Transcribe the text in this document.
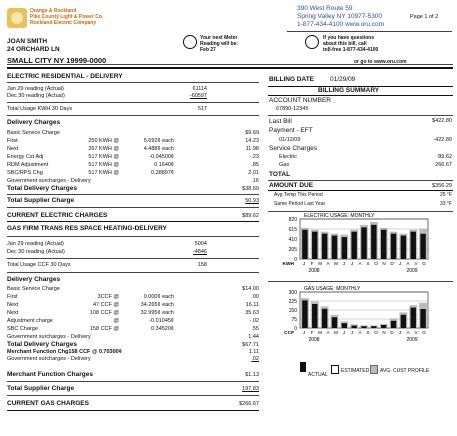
Orange & Rockland
Pike County Light & Power Co.
Rockland Electric Company
390 West Route 59
Spring Valley NY 10977-5300
1-877-434-4100 www.oru.com
Page 1 of 2
JOAN SMITH
24 ORCHARD LN
SMALL CITY NY 19999-0000
Your next Meter
Reading will be:
Feb 27
If you have questions
about this bill, call
toll-free 1-877-434-4100
or go to www.oru.com
ELECTRIC RESIDENTIAL - DELIVERY
Jan 29 reading (Actual)	61114
Dec 30 reading (Actual)	-60597
Total Usage KWH 30 Days	517
Delivery Charges
Basic Service Charge	$9.69
First	250 KWH @	5.692¢ each	14.23
Next	267 KWH @	4.488¢ each	11.98
Energy Cst Adj	517 KWH @	-0.04500¢	-.23
RDM Adjustment	517 KWH @	0.1640¢	.85
SBC/RPS Chg	517 KWH @	0.38897¢	2.01
Government surcharges - Delivery	.16
Total Delivery Charges	$38.69
Total Supplier Charge	50.93
CURRENT ELECTRIC CHARGES	$89.62
GAS FIRM TRANS RES SPACE HEATING-DELIVERY
Jan 29 reading (Actual)	5004
Dec 30 reading (Actual)	-4846
Total Usage CCF 30 Days	158
Delivery Charges
Basic Service Charge	$14.00
First	3CCF @	0.000¢ each	.00
Next	47 CCF @	34.265¢ each	16.11
Next	108 CCF @	32.995¢ each	35.63
Adjustment charge	@	-0.01045¢	-.02
SBC Charge	158 CCF @	0.34520¢	.55
Government surcharges - Delivery	1.44
Total Delivery Charges	$67.71
Merchant Function Chg158 CCF @ 0.70300¢	1.11
Government surcharges - Delivery	.02
Merchant Function Charges	$1.13
Total Supplier Charge	197.83
CURRENT GAS CHARGES	$266.67
BILLING DATE 01/29/09
BILLING SUMMARY
ACCOUNT NUMBER
67890-12345
Last Bill	$422.80
Payment - EFT
01/12/09	-422.80
Service Charges
Electric	89.62
Gas	266.67
TOTAL
AMOUNT DUE	$356.29
Avg Temp This Period	25 °F
Same Period Last Year	33 °F
ELECTRIC USAGE: MONTHLY
820
615
410
205
0
KWH J F M A M J J A S O N D J A V G
2008	2009
GAS USAGE: MONTHLY
300
225
150
75
0
CCF J F M A M J J A S O N D J A V G
2008	2009
ACTUAL
ESTIMATED AVG. CUST PROFILE
